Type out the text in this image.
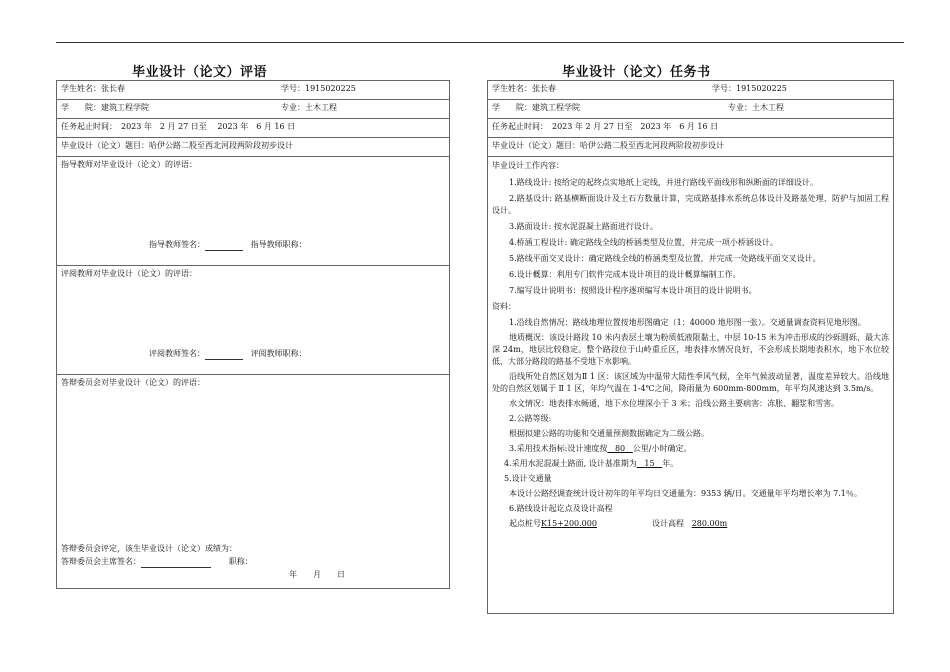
毕业设计（论文）评语
学生姓名：张长春	学号：1915020225
学　　院：建筑工程学院	专业：土木工程
任务起止时间：　2023 年　2 月 27 日至　 2023 年　6 月 16 日
毕业设计（论文）题目：哈伊公路二股至西北河段两阶段初步设计
指导教师对毕业设计（论文）的评语：
指导教师签名：	指导教师职称：
评阅教师对毕业设计（论文）的评语：
评阅教师签名：	评阅教师职称：
答辩委员会对毕业设计（论文）的评语：
答辩委员会评定，该生毕业设计（论文）成绩为：
答辩委员会主席签名：	职称：
年　　月　　日
毕业设计（论文）任务书
学生姓名：张长春	学号：1915020225
学　　院：建筑工程学院	专业：土木工程
任务起止时间：　2023 年 2 月 27 日至　2023 年　6 月 16 日
毕业设计（论文）题目：哈伊公路二股至西北河段两阶段初步设计
毕业设计工作内容：

1.路线设计: 按给定的起终点实地纸上定线，并进行路线平面线形和纵断面的详细设计。

2.路基设计: 路基横断面设计及土石方数量计算，完成路基排水系统总体设计及路基处理、防护与加固工程设计。

3.路面设计: 按水泥混凝土路面进行设计。

4.桥涵工程设计: 确定路线全线的桥涵类型及位置，并完成一项小桥涵设计。

5.路线平面交叉设计：确定路线全线的桥涵类型及位置，并完成一处路线平面交叉设计。

6.设计概算：利用专门软件完成本设计项目的设计概算编制工作。

7.编写设计说明书：按照设计程序逐项编写本设计项目的设计说明书。

资料：

1.沿线自然情况：路线地理位置按地形图确定（1：40000 地形图一张）。交通量调查资料见地形图。

地质概况：该设计路段 10 米内表层土壤为粉质低液限黏土，中层 10-15 米为冲击形成的沙砾圆砾，最大冻深 24m，地层比较稳定。整个路段位于山岭重丘区，地表排水情况良好，不会形成长期地表积水，地下水位较低，大部分路段的路基不受地下水影响。

沿线所处自然区划为Ⅱ 1 区：该区域为中温带大陆性季风气候，全年气候波动显著，温度差异较大。沿线地处的自然区划属于 Ⅱ 1 区，年均气温在 1-4℃之间，降雨量为 600mm-800mm，年平均风速达到 3.5m/s。

水文情况：地表排水畅通，地下水位埋深小于 3 米；沿线公路主要病害：冻胀、翻浆和雪害。

2.公路等级:

根据拟建公路的功能和交通量预测数据确定为二级公路。

3.采用技术指标:设计速度按 80 公里/小时确定。

4.采用水泥混凝土路面, 设计基准期为 15 年。

5.设计交通量

本设计公路经调查统计设计初年的年平均日交通量为：9353 辆/日。交通量年平均增长率为 7.1％。

6.路线设计起讫点及设计高程

起点桩号K15+200.000	设计高程 280.00m
